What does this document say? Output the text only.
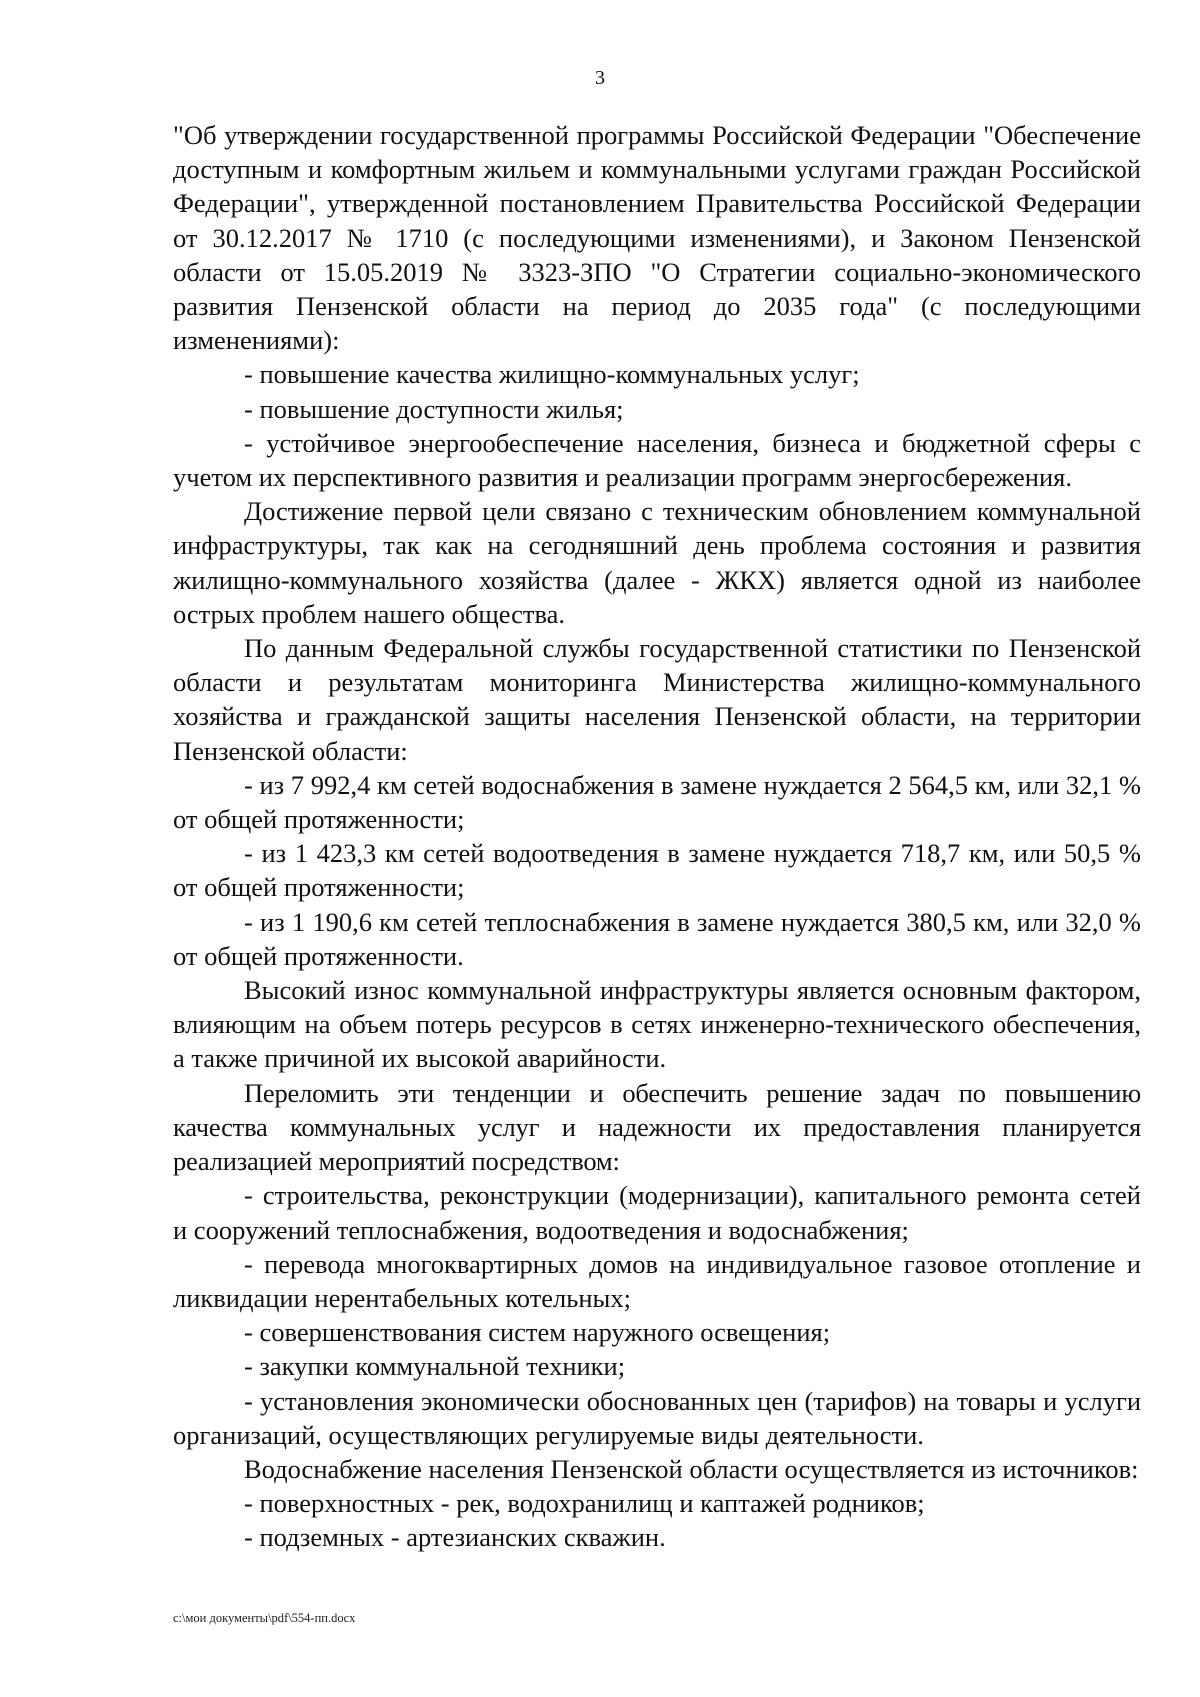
3

"Об утверждении государственной программы Российской Федерации "Обеспечение доступным и комфортным жильем и коммунальными услугами граждан Российской Федерации", утвержденной постановлением Правительства Российской Федерации от 30.12.2017 № 1710 (с последующими изменениями), и Законом Пензенской области от 15.05.2019 № 3323-ЗПО "О Стратегии социально-экономического развития Пензенской области на период до 2035 года" (с последующими изменениями):

- повышение качества жилищно-коммунальных услуг;

- повышение доступности жилья;

- устойчивое энергообеспечение населения, бизнеса и бюджетной сферы с учетом их перспективного развития и реализации программ энергосбережения.

Достижение первой цели связано с техническим обновлением коммунальной инфраструктуры, так как на сегодняшний день проблема состояния и развития жилищно-коммунального хозяйства (далее - ЖКХ) является одной из наиболее острых проблем нашего общества.

По данным Федеральной службы государственной статистики по Пензенской области и результатам мониторинга Министерства жилищно-коммунального хозяйства и гражданской защиты населения Пензенской области, на территории Пензенской области:

- из 7 992,4 км сетей водоснабжения в замене нуждается 2 564,5 км, или 32,1 % от общей протяженности;

- из 1 423,3 км сетей водоотведения в замене нуждается 718,7 км, или 50,5 % от общей протяженности;

- из 1 190,6 км сетей теплоснабжения в замене нуждается 380,5 км, или 32,0 % от общей протяженности.

Высокий износ коммунальной инфраструктуры является основным фактором, влияющим на объем потерь ресурсов в сетях инженерно-технического обеспечения, а также причиной их высокой аварийности.

Переломить эти тенденции и обеспечить решение задач по повышению качества коммунальных услуг и надежности их предоставления планируется реализацией мероприятий посредством:

- строительства, реконструкции (модернизации), капитального ремонта сетей и сооружений теплоснабжения, водоотведения и водоснабжения;

- перевода многоквартирных домов на индивидуальное газовое отопление и ликвидации нерентабельных котельных;

- совершенствования систем наружного освещения;

- закупки коммунальной техники;

- установления экономически обоснованных цен (тарифов) на товары и услуги организаций, осуществляющих регулируемые виды деятельности.

Водоснабжение населения Пензенской области осуществляется из источников:

- поверхностных - рек, водохранилищ и каптажей родников;

- подземных - артезианских скважин.

c:\мои документы\pdf\554-пп.docx
